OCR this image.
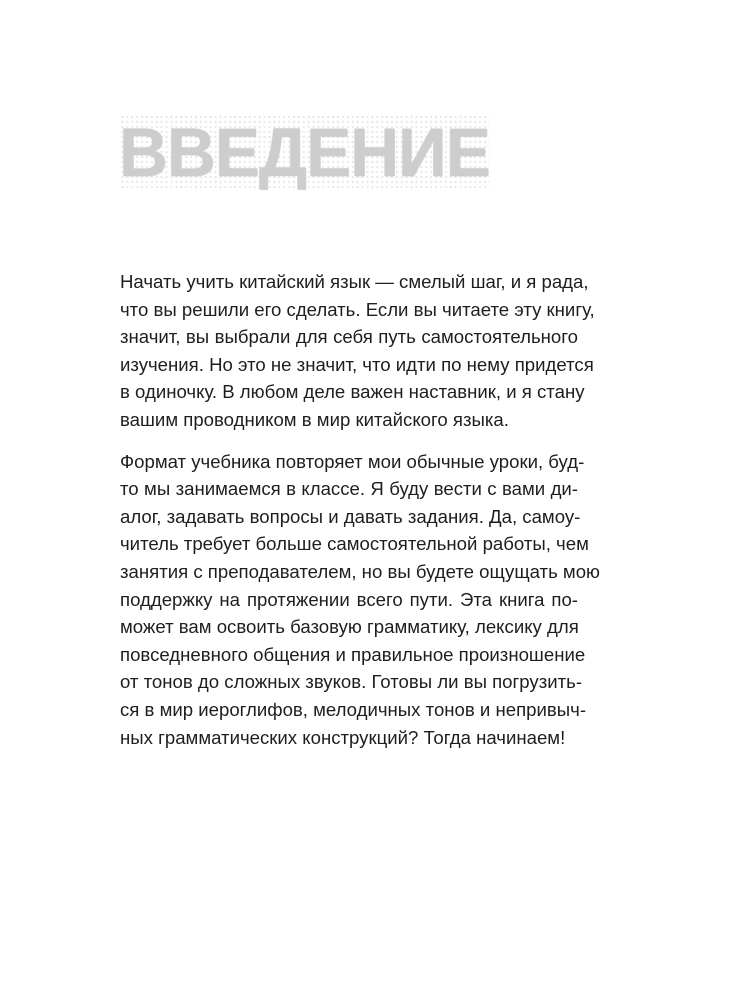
ВВЕДЕНИЕ

Начать учить китайский язык — смелый шаг, и я рада,
что вы решили его сделать. Если вы читаете эту книгу,
значит, вы выбрали для себя путь самостоятельного
изучения. Но это не значит, что идти по нему придется
в одиночку. В любом деле важен наставник, и я стану
вашим проводником в мир китайского языка.

Формат учебника повторяет мои обычные уроки, буд-
то мы занимаемся в классе. Я буду вести с вами ди-
алог, задавать вопросы и давать задания. Да, самоу-
читель требует больше самостоятельной работы, чем
занятия с преподавателем, но вы будете ощущать мою
поддержку на протяжении всего пути. Эта книга по-
может вам освоить базовую грамматику, лексику для
повседневного общения и правильное произношение
от тонов до сложных звуков. Готовы ли вы погрузить-
ся в мир иероглифов, мелодичных тонов и непривыч-
ных грамматических конструкций? Тогда начинаем!
